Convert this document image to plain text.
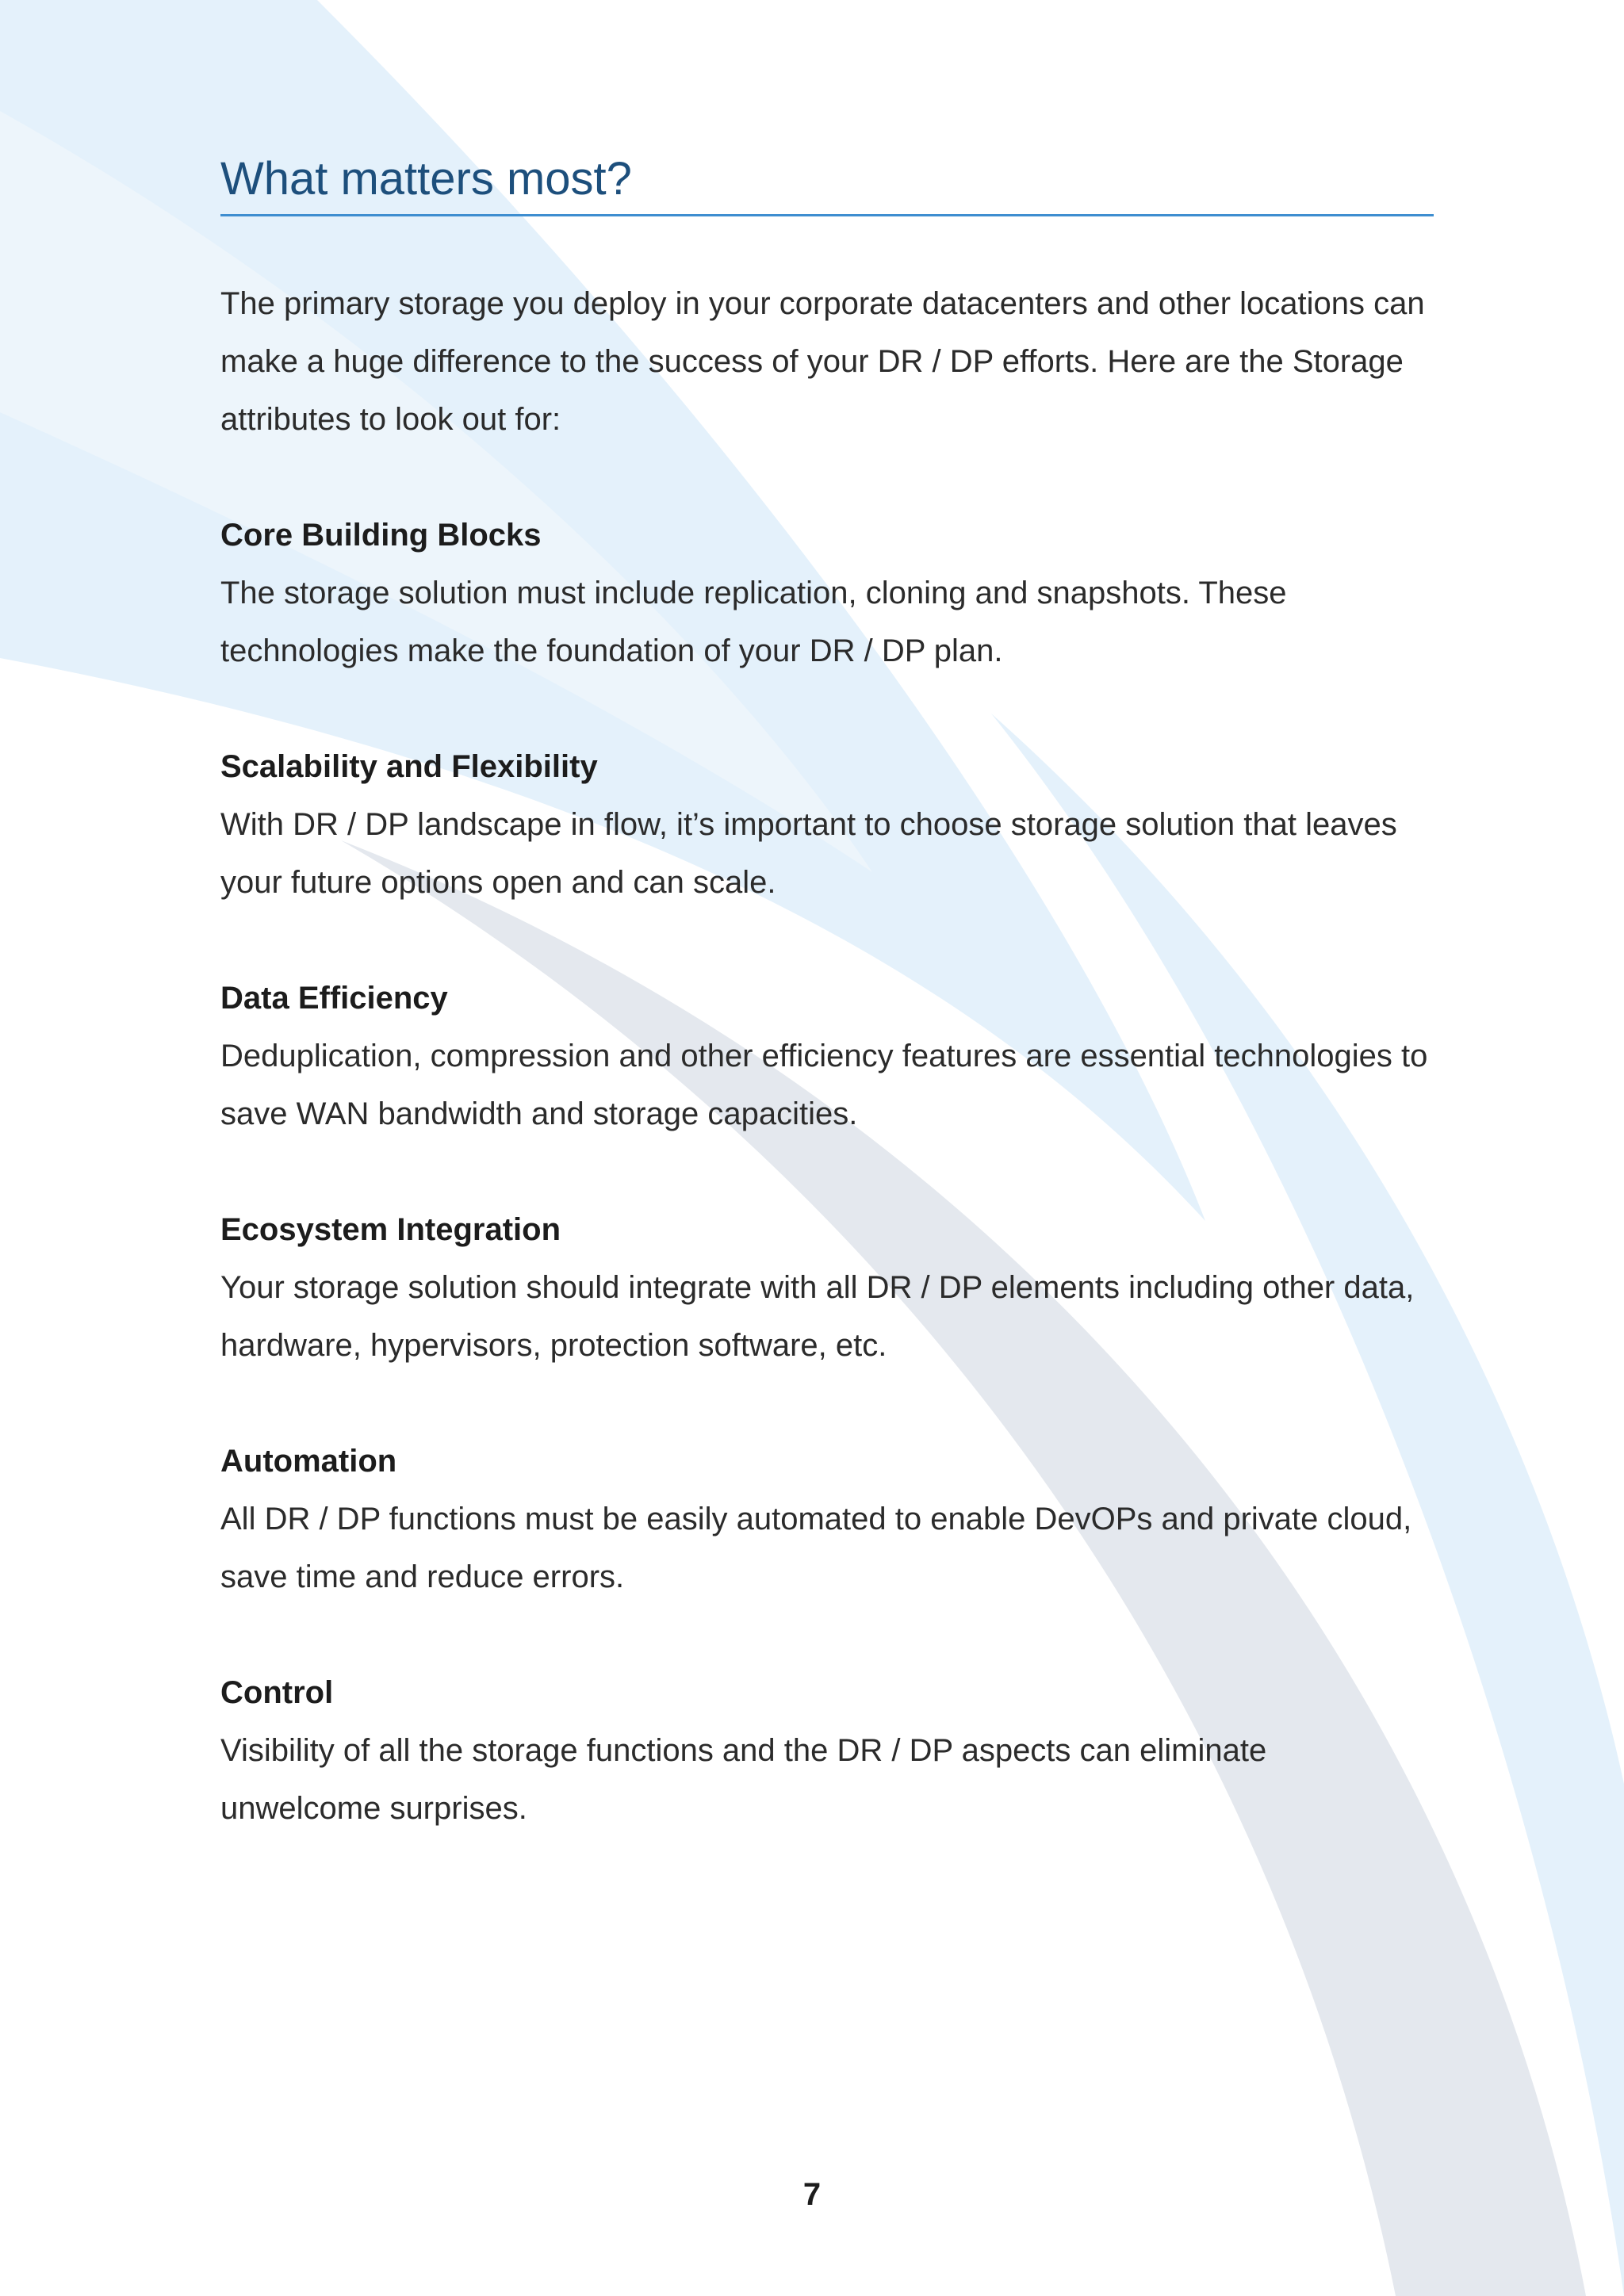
What matters most?

The primary storage you deploy in your corporate datacenters and other locations can make a huge difference to the success of your DR / DP efforts. Here are the Storage attributes to look out for:

Core Building Blocks

The storage solution must include replication, cloning and snapshots. These technologies make the foundation of your DR / DP plan.

Scalability and Flexibility

With DR / DP landscape in flow, it’s important to choose storage solution that leaves your future options open and can scale.

Data Efficiency

Deduplication, compression and other efficiency features are essential technologies to save WAN bandwidth and storage capacities.

Ecosystem Integration

Your storage solution should integrate with all DR / DP elements including other data, hardware, hypervisors, protection software, etc.

Automation

All DR / DP functions must be easily automated to enable DevOPs and private cloud, save time and reduce errors.

Control

Visibility of all the storage functions and the DR / DP aspects can eliminate unwelcome surprises.

7
